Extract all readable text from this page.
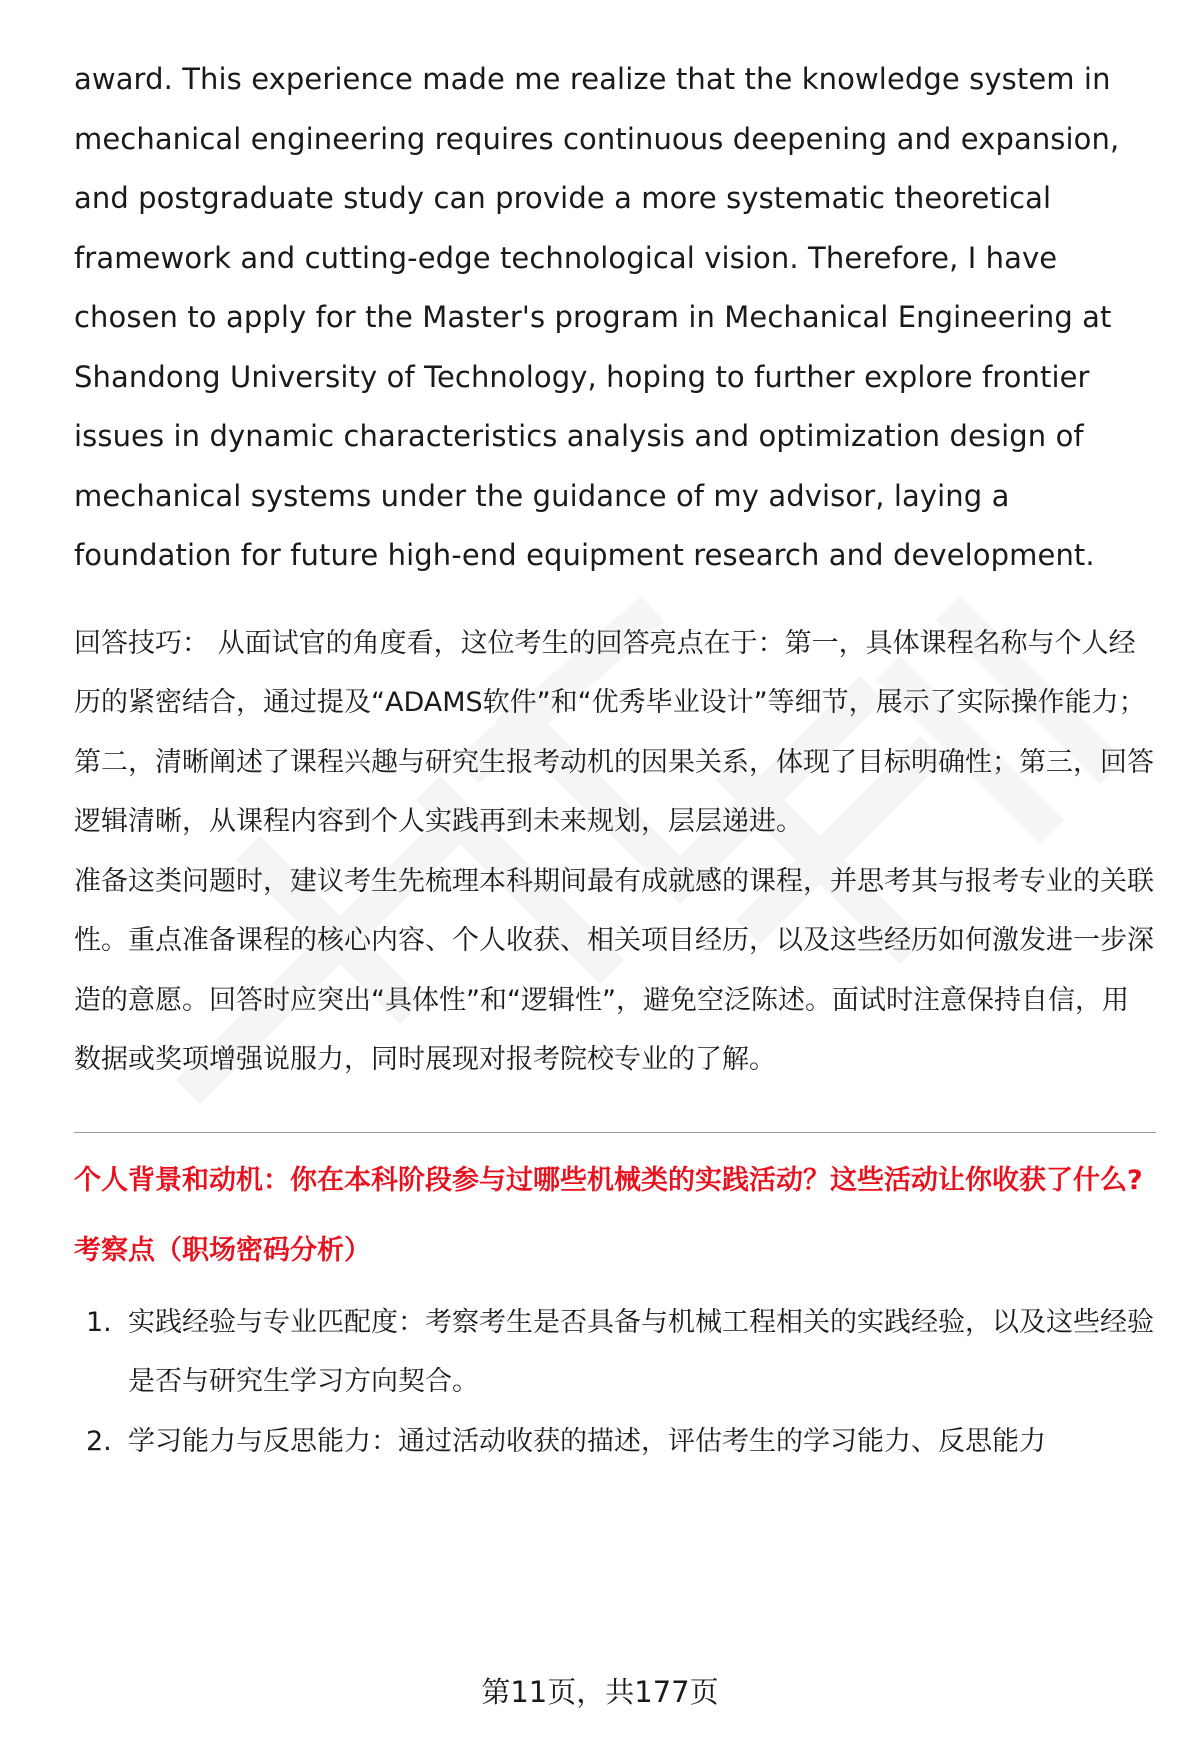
award. This experience made me realize that the knowledge system in mechanical engineering requires continuous deepening and expansion, and postgraduate study can provide a more systematic theoretical framework and cutting-edge technological vision. Therefore, I have chosen to apply for the Master's program in Mechanical Engineering at Shandong University of Technology, hoping to further explore frontier issues in dynamic characteristics analysis and optimization design of mechanical systems under the guidance of my advisor, laying a foundation for future high-end equipment research and development.

回答技巧： 从面试官的角度看，这位考生的回答亮点在于：第一，具体课程名称与个人经历的紧密结合，通过提及“ADAMS软件”和“优秀毕业设计”等细节，展示了实际操作能力；第二，清晰阐述了课程兴趣与研究生报考动机的因果关系，体现了目标明确性；第三，回答逻辑清晰，从课程内容到个人实践再到未来规划，层层递进。

准备这类问题时，建议考生先梳理本科期间最有成就感的课程，并思考其与报考专业的关联性。重点准备课程的核心内容、个人收获、相关项目经历，以及这些经历如何激发进一步深造的意愿。回答时应突出“具体性”和“逻辑性”，避免空泛陈述。面试时注意保持自信，用数据或奖项增强说服力，同时展现对报考院校专业的了解。

个人背景和动机：你在本科阶段参与过哪些机械类的实践活动？这些活动让你收获了什么?
考察点（职场密码分析）
1. 实践经验与专业匹配度：考察考生是否具备与机械工程相关的实践经验，以及这些经验是否与研究生学习方向契合。
2. 学习能力与反思能力：通过活动收获的描述，评估考生的学习能力、反思能力
第11页，共177页
